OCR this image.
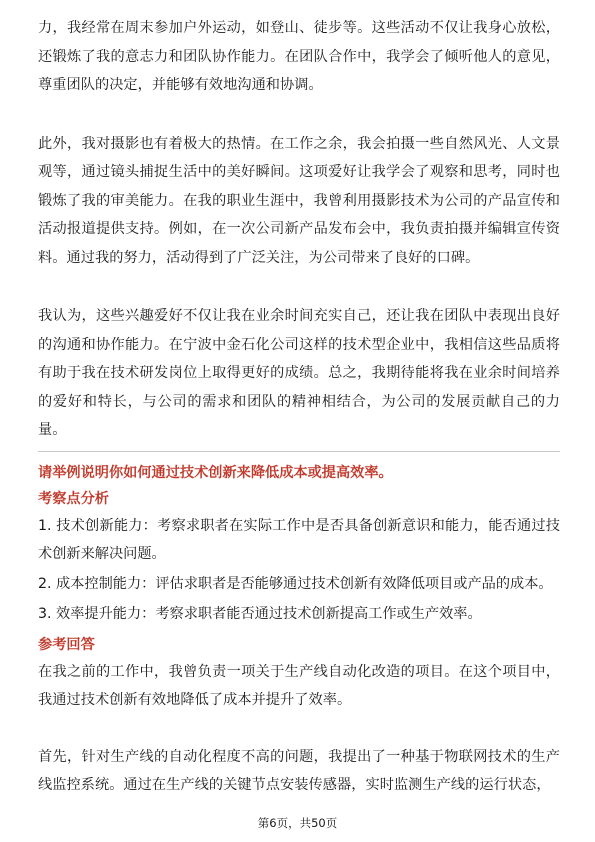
力，我经常在周末参加户外运动，如登山、徒步等。这些活动不仅让我身心放松，还锻炼了我的意志力和团队协作能力。在团队合作中，我学会了倾听他人的意见，尊重团队的决定，并能够有效地沟通和协调。

此外，我对摄影也有着极大的热情。在工作之余，我会拍摄一些自然风光、人文景观等，通过镜头捕捉生活中的美好瞬间。这项爱好让我学会了观察和思考，同时也锻炼了我的审美能力。在我的职业生涯中，我曾利用摄影技术为公司的产品宣传和活动报道提供支持。例如，在一次公司新产品发布会中，我负责拍摄并编辑宣传资料。通过我的努力，活动得到了广泛关注，为公司带来了良好的口碑。

我认为，这些兴趣爱好不仅让我在业余时间充实自己，还让我在团队中表现出良好的沟通和协作能力。在宁波中金石化公司这样的技术型企业中，我相信这些品质将有助于我在技术研发岗位上取得更好的成绩。总之，我期待能将我在业余时间培养的爱好和特长，与公司的需求和团队的精神相结合，为公司的发展贡献自己的力量。

请举例说明你如何通过技术创新来降低成本或提高效率。

考察点分析

1. 技术创新能力：考察求职者在实际工作中是否具备创新意识和能力，能否通过技术创新来解决问题。
2. 成本控制能力：评估求职者是否能够通过技术创新有效降低项目或产品的成本。
3. 效率提升能力：考察求职者能否通过技术创新提高工作或生产效率。

参考回答

在我之前的工作中，我曾负责一项关于生产线自动化改造的项目。在这个项目中，我通过技术创新有效地降低了成本并提升了效率。

首先，针对生产线的自动化程度不高的问题，我提出了一种基于物联网技术的生产线监控系统。通过在生产线的关键节点安装传感器，实时监测生产线的运行状态，

第6页，共50页
